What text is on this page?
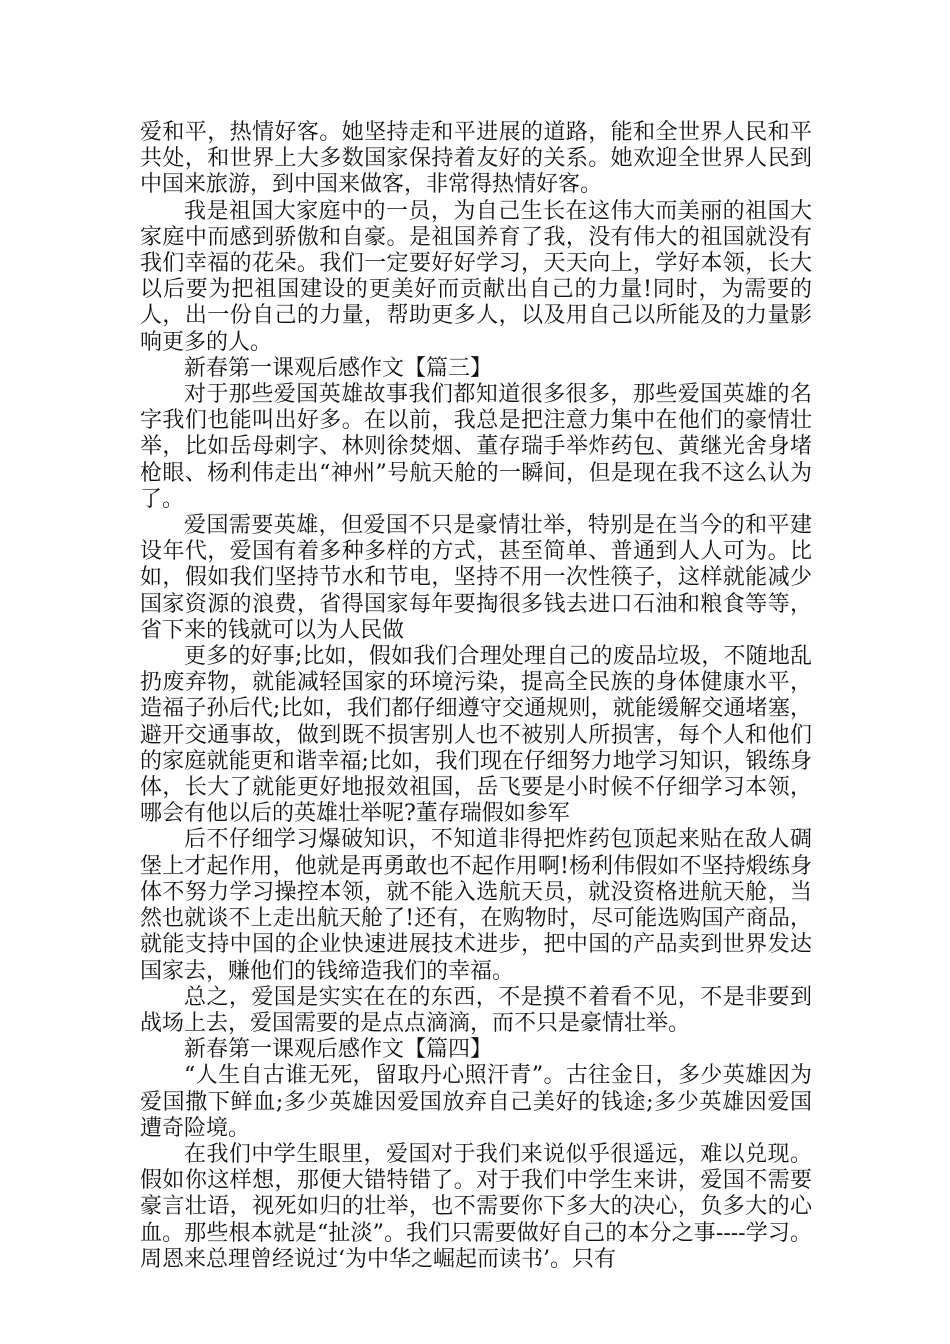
爱和平，热情好客。她坚持走和平进展的道路，能和全世界人民和平共处，和世界上大多数国家保持着友好的关系。她欢迎全世界人民到中国来旅游，到中国来做客，非常得热情好客。

我是祖国大家庭中的一员，为自己生长在这伟大而美丽的祖国大家庭中而感到骄傲和自豪。是祖国养育了我，没有伟大的祖国就没有我们幸福的花朵。我们一定要好好学习，天天向上，学好本领，长大以后要为把祖国建设的更美好而贡献出自己的力量!同时，为需要的人，出一份自己的力量，帮助更多人，以及用自己以所能及的力量影响更多的人。

新春第一课观后感作文【篇三】

对于那些爱国英雄故事我们都知道很多很多，那些爱国英雄的名字我们也能叫出好多。在以前，我总是把注意力集中在他们的豪情壮举，比如岳母刺字、林则徐焚烟、董存瑞手举炸药包、黄继光舍身堵枪眼、杨利伟走出“神州”号航天舱的一瞬间，但是现在我不这么认为了。

爱国需要英雄，但爱国不只是豪情壮举，特别是在当今的和平建设年代，爱国有着多种多样的方式，甚至简单、普通到人人可为。比如，假如我们坚持节水和节电，坚持不用一次性筷子，这样就能减少国家资源的浪费，省得国家每年要掏很多钱去进口石油和粮食等等，省下来的钱就可以为人民做

更多的好事;比如，假如我们合理处理自己的废品垃圾，不随地乱扔废弃物，就能减轻国家的环境污染，提高全民族的身体健康水平，造福子孙后代;比如，我们都仔细遵守交通规则，就能缓解交通堵塞，避开交通事故，做到既不损害别人也不被别人所损害，每个人和他们的家庭就能更和谐幸福;比如，我们现在仔细努力地学习知识，锻练身体，长大了就能更好地报效祖国，岳飞要是小时候不仔细学习本领，哪会有他以后的英雄壮举呢?董存瑞假如参军

后不仔细学习爆破知识，不知道非得把炸药包顶起来贴在敌人碉堡上才起作用，他就是再勇敢也不起作用啊!杨利伟假如不坚持煅练身体不努力学习操控本领，就不能入选航天员，就没资格进航天舱，当然也就谈不上走出航天舱了!还有，在购物时，尽可能选购国产商品，就能支持中国的企业快速进展技术进步，把中国的产品卖到世界发达国家去，赚他们的钱缔造我们的幸福。

总之，爱国是实实在在的东西，不是摸不着看不见，不是非要到战场上去，爱国需要的是点点滴滴，而不只是豪情壮举。

新春第一课观后感作文【篇四】

“人生自古谁无死，留取丹心照汗青”。古往金日，多少英雄因为爱国撒下鲜血;多少英雄因爱国放弃自己美好的钱途;多少英雄因爱国遭奇险境。

在我们中学生眼里，爱国对于我们来说似乎很遥远，难以兑现。假如你这样想，那便大错特错了。对于我们中学生来讲，爱国不需要豪言壮语，视死如归的壮举，也不需要你下多大的决心，负多大的心血。那些根本就是“扯淡”。我们只需要做好自己的本分之事----学习。周恩来总理曾经说过‘为中华之崛起而读书’。只有
